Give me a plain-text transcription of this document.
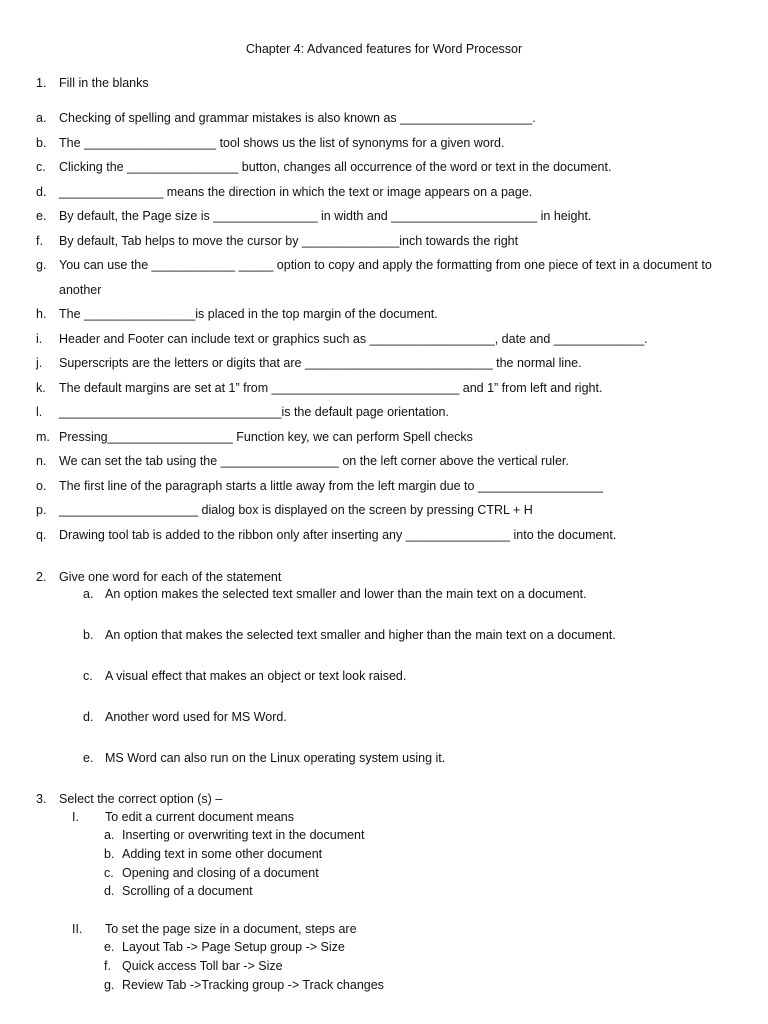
Chapter 4: Advanced features for Word Processor
1. Fill in the blanks
a. Checking of spelling and grammar mistakes is also known as ___________________.
b. The ___________________ tool shows us the list of synonyms for a given word.
c. Clicking the ________________ button, changes all occurrence of the word or text in the document.
d. _______________ means the direction in which the text or image appears on a page.
e. By default, the Page size is _______________ in width and _____________________ in height.
f. By default, Tab helps to move the cursor by ______________inch towards the right
g. You can use the ____________ _____ option to copy and apply the formatting from one piece of text in a document to
another
h. The ________________is placed in the top margin of the document.
i. Header and Footer can include text or graphics such as __________________, date and _____________.
j. Superscripts are the letters or digits that are ___________________________ the normal line.
k. The default margins are set at 1” from ___________________________ and 1” from left and right.
l. ________________________________is the default page orientation.
m. Pressing__________________ Function key, we can perform Spell checks
n. We can set the tab using the _________________ on the left corner above the vertical ruler.
o. The first line of the paragraph starts a little away from the left margin due to __________________
p. ____________________ dialog box is displayed on the screen by pressing CTRL + H
q. Drawing tool tab is added to the ribbon only after inserting any _______________ into the document.
2. Give one word for each of the statement
a. An option makes the selected text smaller and lower than the main text on a document.
b. An option that makes the selected text smaller and higher than the main text on a document.
c. A visual effect that makes an object or text look raised.
d. Another word used for MS Word.
e. MS Word can also run on the Linux operating system using it.
3. Select the correct option (s) –
I. To edit a current document means
a. Inserting or overwriting text in the document
b. Adding text in some other document
c. Opening and closing of a document
d. Scrolling of a document
II. To set the page size in a document, steps are
e. Layout Tab -> Page Setup group -> Size
f. Quick access Toll bar -> Size
g. Review Tab ->Tracking group -> Track changes
